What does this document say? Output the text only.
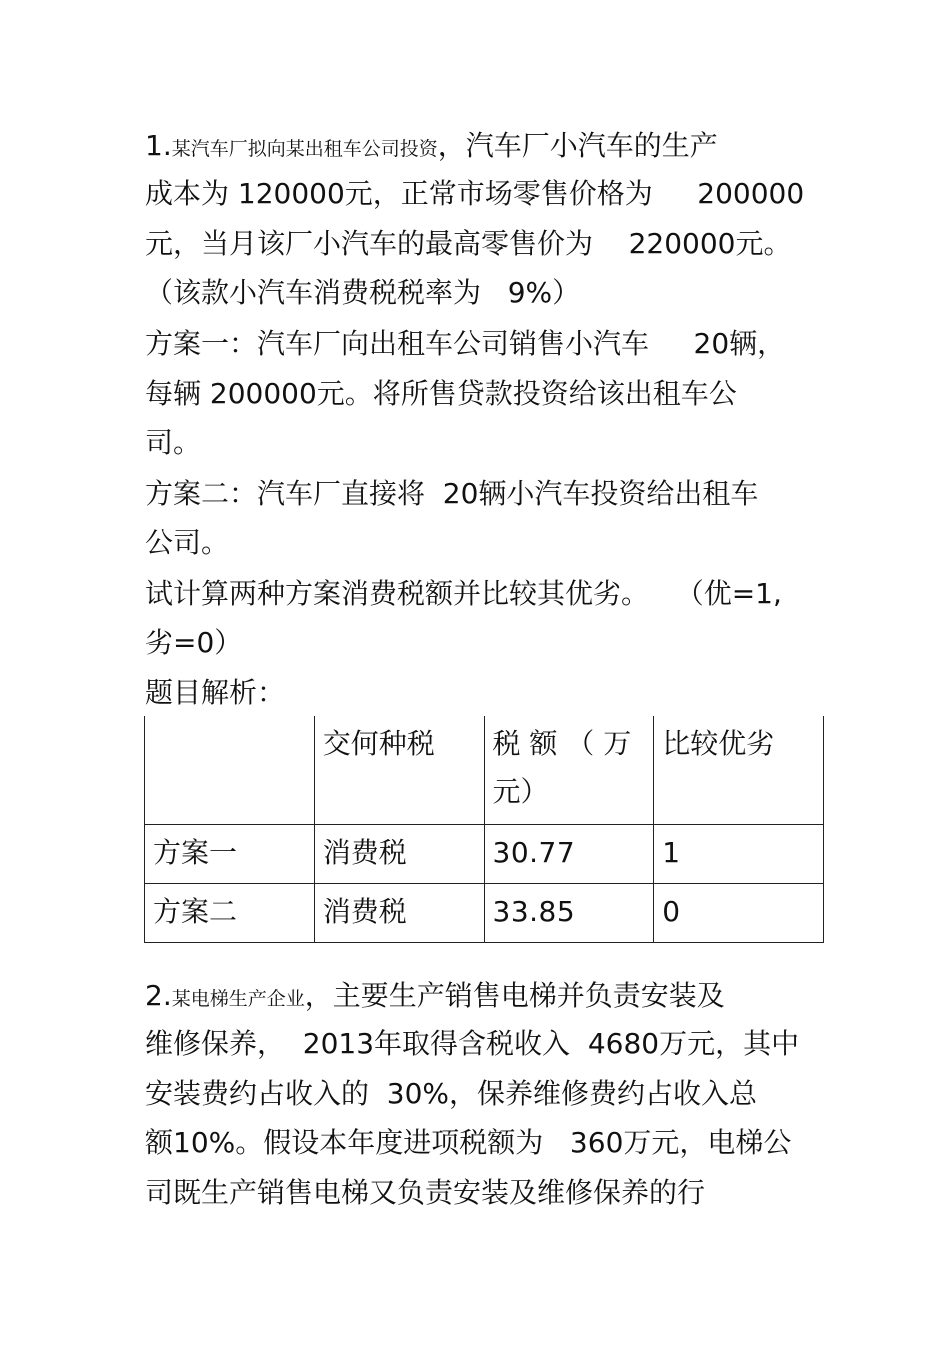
1.某汽车厂拟向某出租车公司投资，汽车厂小汽车的生产
成本为 120000元，正常市场零售价格为     200000
元，当月该厂小汽车的最高零售价为    220000元。
（该款小汽车消费税税率为   9%）
方案一：汽车厂向出租车公司销售小汽车     20辆，
每辆 200000元。将所售贷款投资给该出租车公
司。
方案二：汽车厂直接将  20辆小汽车投资给出租车
公司。
试计算两种方案消费税额并比较其优劣。   （优=1,
劣=0）
题目解析：
	交何种税	税 额 （ 万 元）	比较优劣
方案一	消费税	30.77	1
方案二	消费税	33.85	0
2.某电梯生产企业，主要生产销售电梯并负责安装及
维修保养，  2013年取得含税收入  4680万元，其中
安装费约占收入的  30%，保养维修费约占收入总
额10%。假设本年度进项税额为   360万元，电梯公
司既生产销售电梯又负责安装及维修保养的行
